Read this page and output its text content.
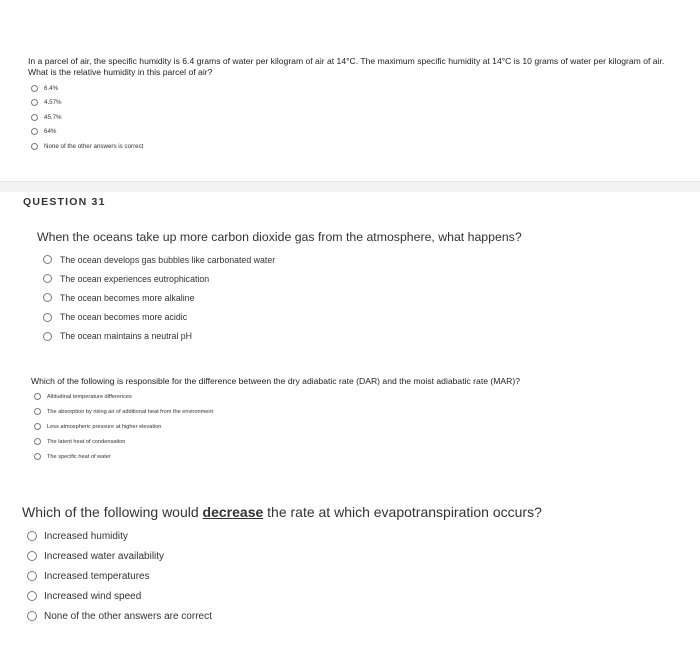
In a parcel of air, the specific humidity is 6.4 grams of water per kilogram of air at 14°C. The maximum specific humidity at 14°C is 10 grams of water per kilogram of air. What is the relative humidity in this parcel of air?
6.4%
4.57%
45.7%
64%
None of the other answers is correct
QUESTION 31
When the oceans take up more carbon dioxide gas from the atmosphere, what happens?
The ocean develops gas bubbles like carbonated water
The ocean experiences eutrophication
The ocean becomes more alkaline
The ocean becomes more acidic
The ocean maintains a neutral pH
Which of the following is responsible for the difference between the dry adiabatic rate (DAR) and the moist adiabatic rate (MAR)?
Altitudinal temperature differences
The absorption by rising air of additional heat from the environment
Less atmospheric pressure at higher elevation
The latent heat of condensation
The specific heat of water
Which of the following would decrease the rate at which evapotranspiration occurs?
Increased humidity
Increased water availability
Increased temperatures
Increased wind speed
None of the other answers are correct
